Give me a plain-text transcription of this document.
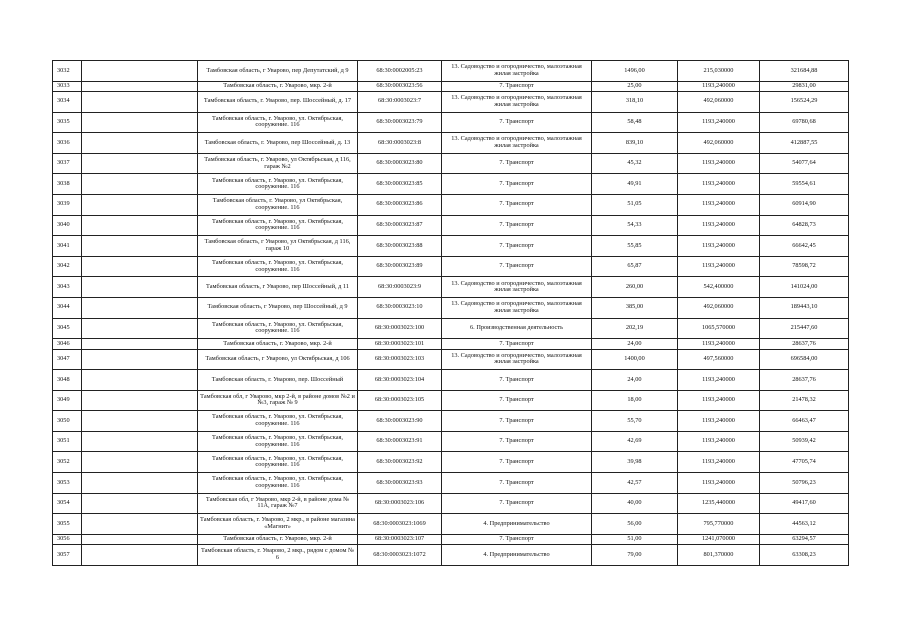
3032		Тамбовская область, г Уварово, пер Депутатский, д 9	68:30:0002005:23	13. Садоводство и огородничество, малоэтажная жилая застройка	1496,00	215,030000	321684,88
3033		Тамбовская область, г. Уварово, мкр. 2-й	68:30:0003023:56	7. Транспорт	25,00	1193,240000	29831,00
3034		Тамбовская область, г. Уварово, пер. Шоссейный, д. 17	68:30:0003023:7	13. Садоводство и огородничество, малоэтажная жилая застройка	318,10	492,060000	156524,29
3035		Тамбовская область, г. Уварово, ул. Октябрьская, сооружение. 116	68:30:0003023:79	7. Транспорт	58,48	1193,240000	69780,68
3036		Тамбовская область, г. Уварово, пер Шоссейный, д. 13	68:30:0003023:8	13. Садоводство и огородничество, малоэтажная жилая застройка	839,10	492,060000	412887,55
3037		Тамбовская область, г. Уварово, ул Октябрьская, д 116, гараж №2	68:30:0003023:80	7. Транспорт	45,32	1193,240000	54077,64
3038		Тамбовская область, г. Уварово, ул. Октябрьская, сооружение. 116	68:30:0003023:85	7. Транспорт	49,91	1193,240000	59554,61
3039		Тамбовская область, г. Уварово, ул Октябрьская, сооружение. 116	68:30:0003023:86	7. Транспорт	51,05	1193,240000	60914,90
3040		Тамбовская область, г. Уварово, ул. Октябрьская, сооружение. 116	68:30:0003023:87	7. Транспорт	54,33	1193,240000	64828,73
3041		Тамбовская область, г Уварово, ул Октябрьская, д 116, гараж 10	68:30:0003023:88	7. Транспорт	55,85	1193,240000	66642,45
3042		Тамбовская область, г. Уварово, ул. Октябрьская, сооружение. 116	68:30:0003023:89	7. Транспорт	65,87	1193,240000	78598,72
3043		Тамбовская область, г Уварово, пер Шоссейный, д 11	68:30:0003023:9	13. Садоводство и огородничество, малоэтажная жилая застройка	260,00	542,400000	141024,00
3044		Тамбовская область, г Уварово, пер Шоссейный, д 9	68:30:0003023:10	13. Садоводство и огородничество, малоэтажная жилая застройка	385,00	492,060000	189443,10
3045		Тамбовская область, г. Уварово, ул. Октябрьская, сооружение. 116	68:30:0003023:100	6. Производственная деятельность	202,19	1065,570000	215447,60
3046		Тамбовская область, г. Уварово, мкр. 2-й	68:30:0003023:101	7. Транспорт	24,00	1193,240000	28637,76
3047		Тамбовская область, г Уварово, ул Октябрьская, д 106	68:30:0003023:103	13. Садоводство и огородничество, малоэтажная жилая застройка	1400,00	497,560000	696584,00
3048		Тамбовская область, г. Уварово, пер. Шоссейный	68:30:0003023:104	7. Транспорт	24,00	1193,240000	28637,76
3049		Тамбовская обл, г Уварово, мкр 2-й, в районе домов №2 и №3, гараж № 9	68:30:0003023:105	7. Транспорт	18,00	1193,240000	21478,32
3050		Тамбовская область, г. Уварово, ул. Октябрьская, сооружение. 116	68:30:0003023:90	7. Транспорт	55,70	1193,240000	66463,47
3051		Тамбовская область, г. Уварово, ул. Октябрьская, сооружение. 116	68:30:0003023:91	7. Транспорт	42,69	1193,240000	50939,42
3052		Тамбовская область, г. Уварово, ул. Октябрьская, сооружение. 116	68:30:0003023:92	7. Транспорт	39,98	1193,240000	47705,74
3053		Тамбовская область, г. Уварово, ул. Октябрьская, сооружение. 116	68:30:0003023:93	7. Транспорт	42,57	1193,240000	50796,23
3054		Тамбовская обл, г Уварово, мкр 2-й, в районе дома № 11А, гараж №7	68:30:0003023:106	7. Транспорт	40,00	1235,440000	49417,60
3055		Тамбовская область, г. Уварово, 2 мкр., в районе магазина «Магнит»	68:30:0003023:1069	4. Предпринимательство	56,00	795,770000	44563,12
3056		Тамбовская область, г. Уварово, мкр. 2-й	68:30:0003023:107	7. Транспорт	51,00	1241,070000	63294,57
3057		Тамбовская область, г. Уварово, 2 мкр., рядом с домом № 6	68:30:0003023:1072	4. Предпринимательство	79,00	801,370000	63308,23
